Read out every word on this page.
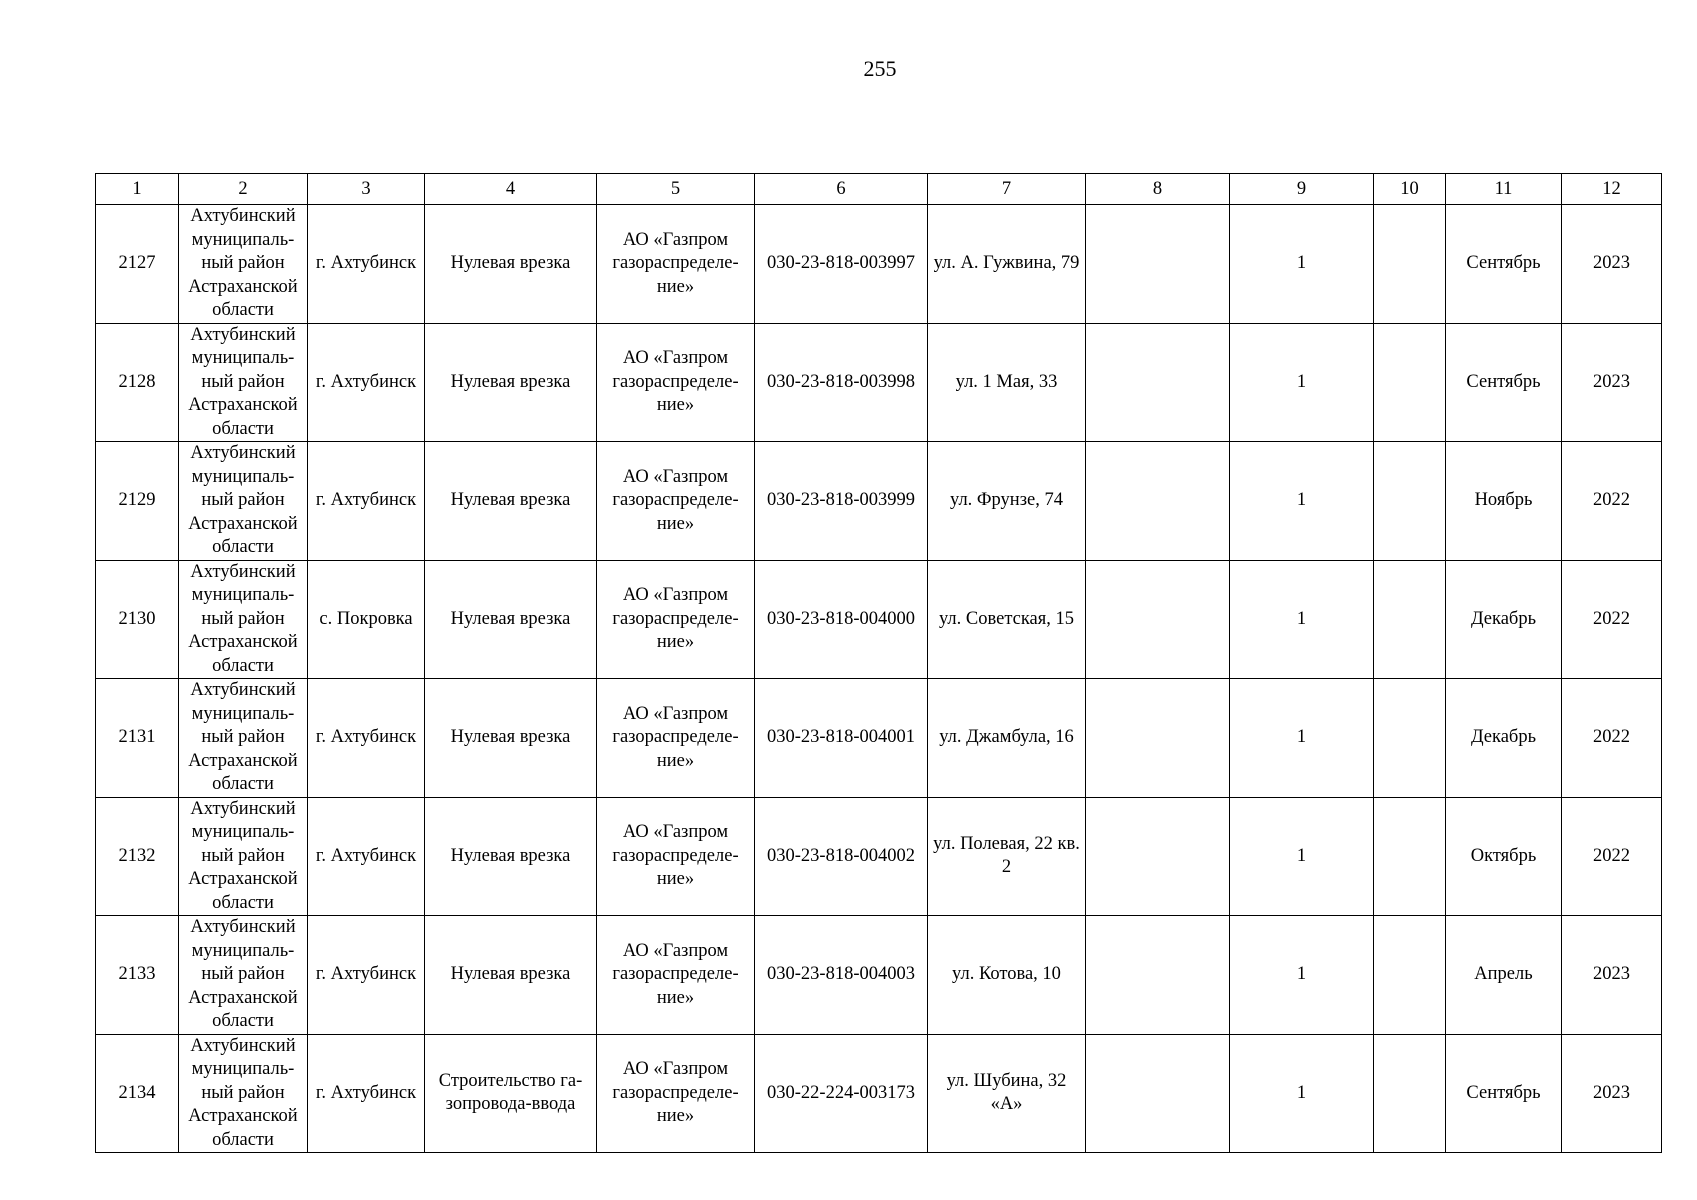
255
1	2	3	4	5	6	7	8	9	10	11	12
2127	Ахтубинский муниципаль-ный район Астраханской области	г. Ахтубинск	Нулевая врезка	АО «Газпром газораспределе-ние»	030-23-818-003997	ул. А. Гужвина, 79		1		Сентябрь	2023
2128	Ахтубинский муниципаль-ный район Астраханской области	г. Ахтубинск	Нулевая врезка	АО «Газпром газораспределе-ние»	030-23-818-003998	ул. 1 Мая, 33		1		Сентябрь	2023
2129	Ахтубинский муниципаль-ный район Астраханской области	г. Ахтубинск	Нулевая врезка	АО «Газпром газораспределе-ние»	030-23-818-003999	ул. Фрунзе, 74		1		Ноябрь	2022
2130	Ахтубинский муниципаль-ный район Астраханской области	с. Покровка	Нулевая врезка	АО «Газпром газораспределе-ние»	030-23-818-004000	ул. Советская, 15		1		Декабрь	2022
2131	Ахтубинский муниципаль-ный район Астраханской области	г. Ахтубинск	Нулевая врезка	АО «Газпром газораспределе-ние»	030-23-818-004001	ул. Джамбула, 16		1		Декабрь	2022
2132	Ахтубинский муниципаль-ный район Астраханской области	г. Ахтубинск	Нулевая врезка	АО «Газпром газораспределе-ние»	030-23-818-004002	ул. Полевая, 22 кв. 2		1		Октябрь	2022
2133	Ахтубинский муниципаль-ный район Астраханской области	г. Ахтубинск	Нулевая врезка	АО «Газпром газораспределе-ние»	030-23-818-004003	ул. Котова, 10		1		Апрель	2023
2134	Ахтубинский муниципаль-ный район Астраханской области	г. Ахтубинск	Строительство га-зопровода-ввода	АО «Газпром газораспределе-ние»	030-22-224-003173	ул. Шубина, 32 «А»		1		Сентябрь	2023
